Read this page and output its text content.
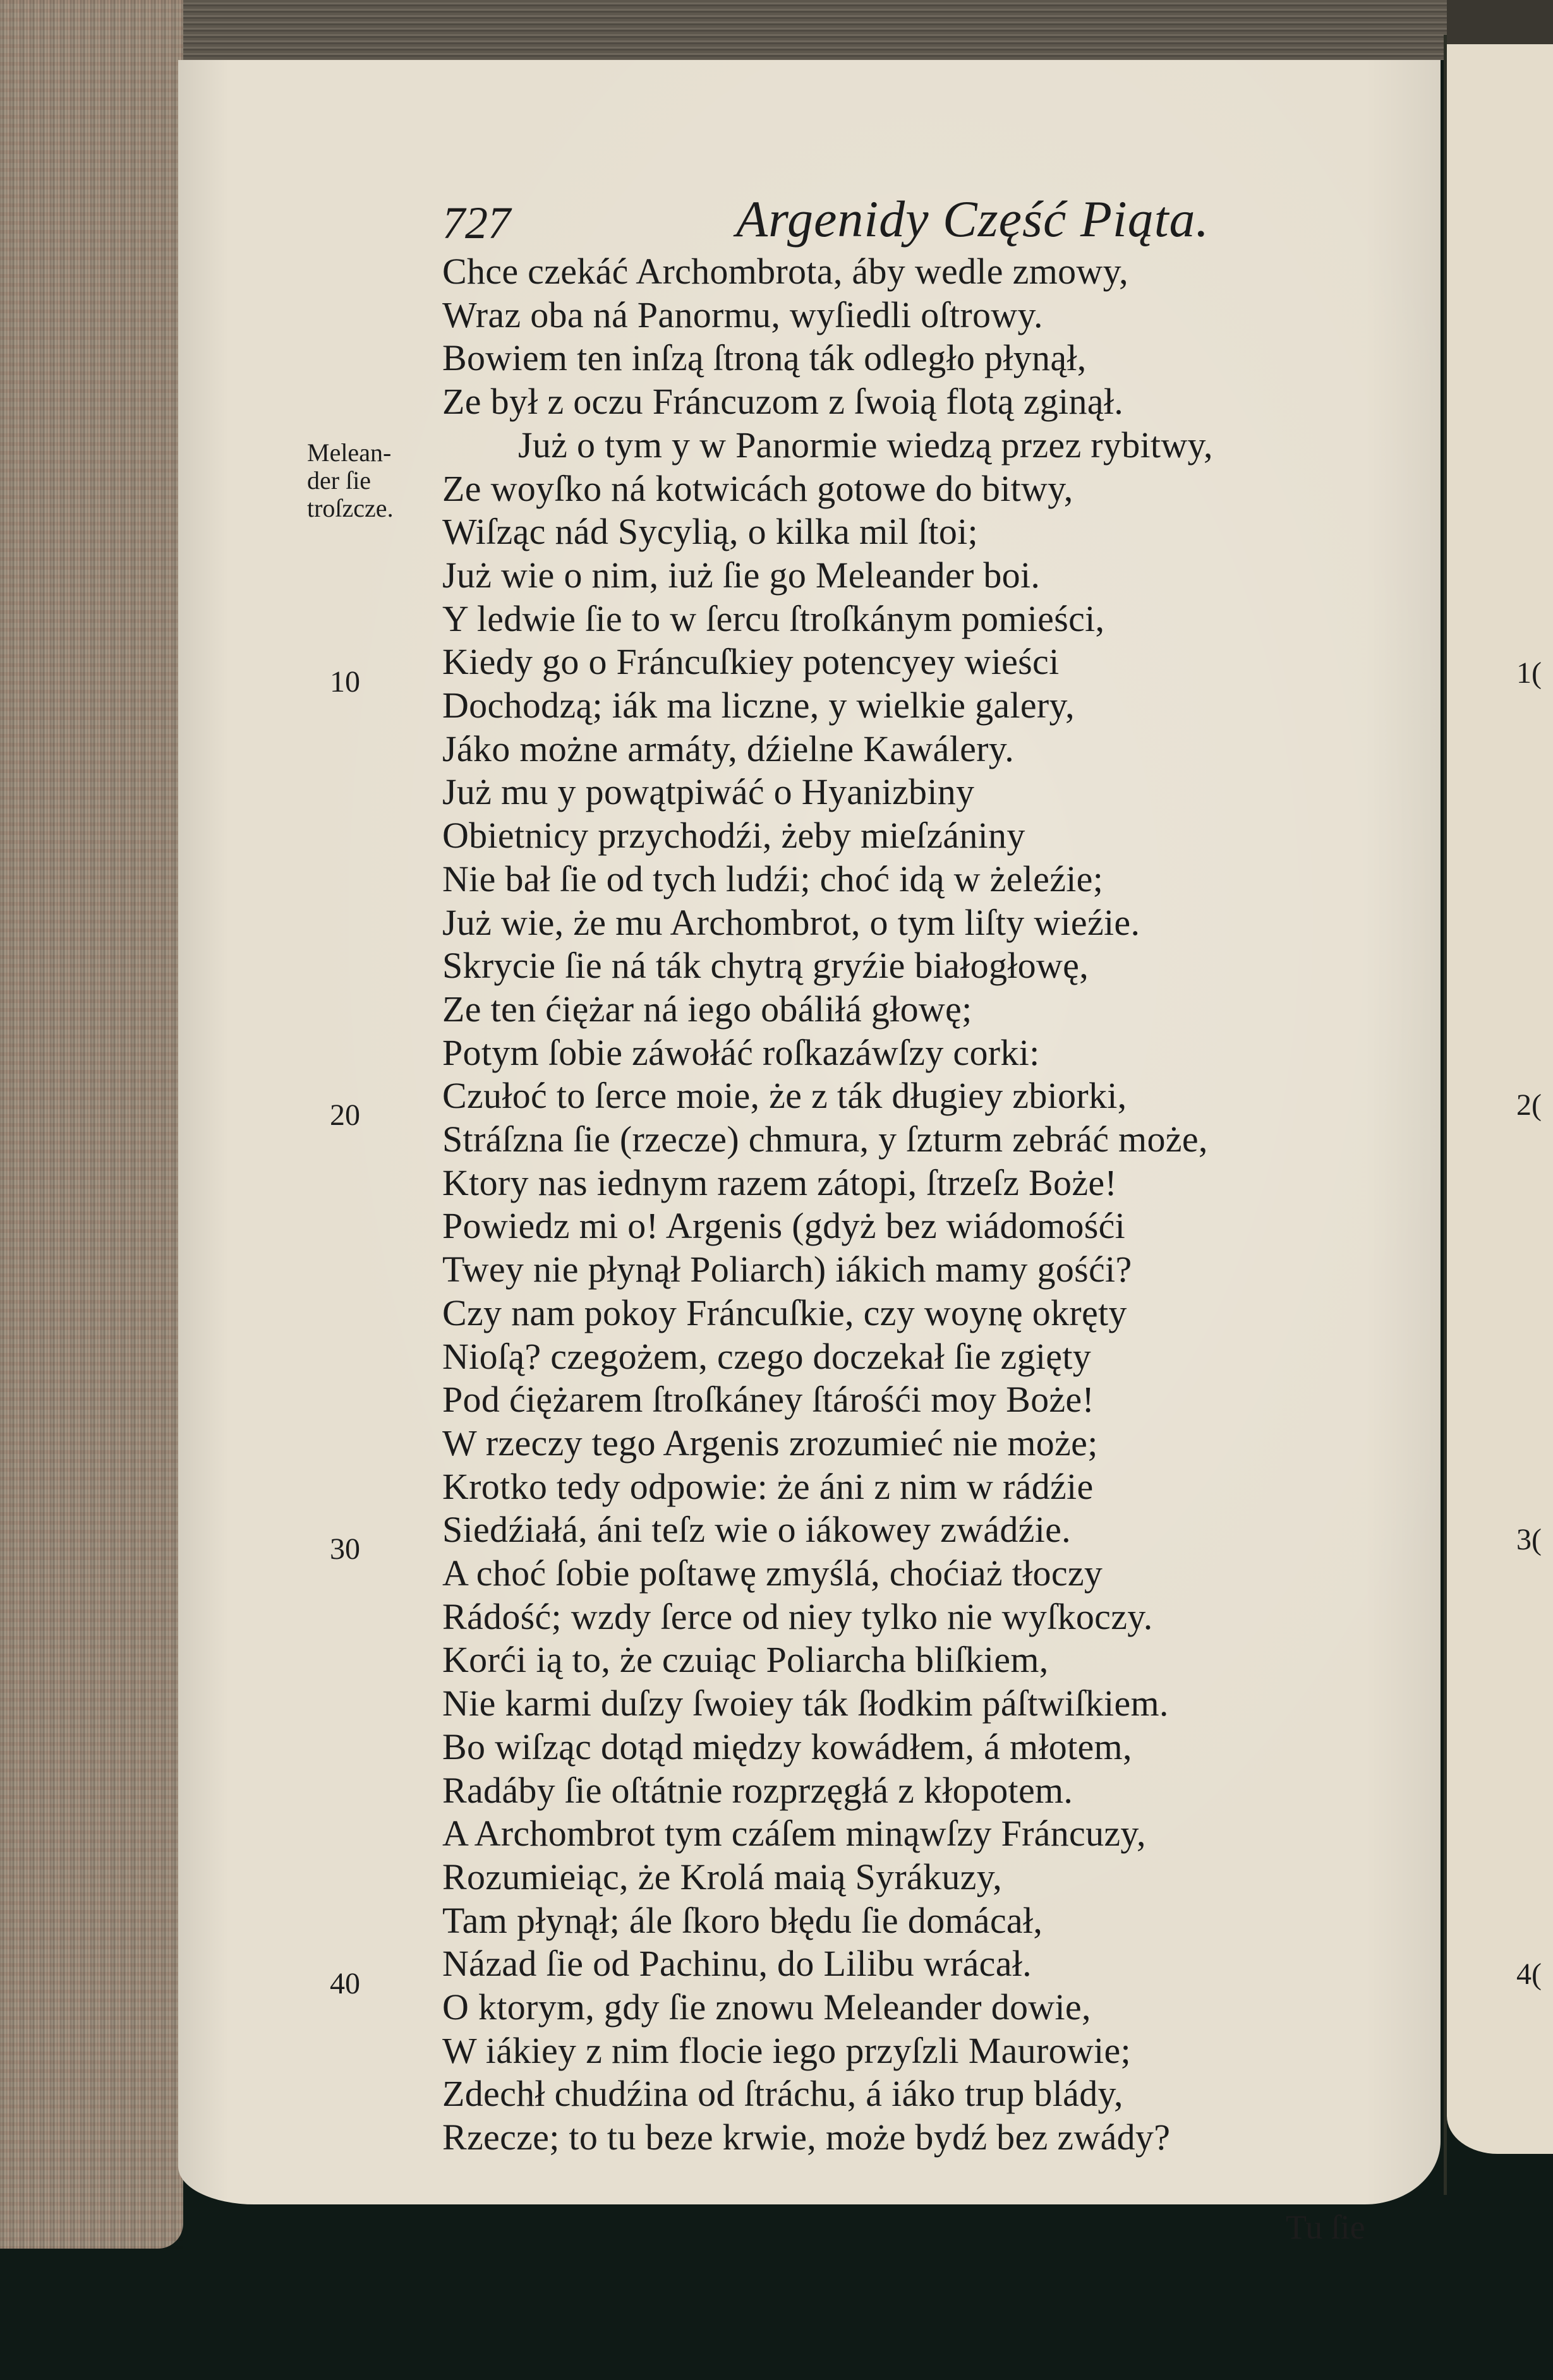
727	Argenidy Część Piąta.
Melean-
der ſie
troſzcze.
10
20
30
40
1(
2(
3(
4(
Chce czekáć Archombrota, áby wedle zmowy,
Wraz oba ná Panormu, wyſiedli oſtrowy.
Bowiem ten inſzą ſtroną ták odległo płynął,
Ze był z oczu Fráncuzom z ſwoią flotą zginął.
Już o tym y w Panormie wiedzą przez rybitwy,
Ze woyſko ná kotwicách gotowe do bitwy,
Wiſząc nád Sycylią, o kilka mil ſtoi;
Już wie o nim, iuż ſie go Meleander boi.
Y ledwie ſie to w ſercu ſtroſkánym pomieści,
Kiedy go o Fráncuſkiey potencyey wieści
Dochodzą; iák ma liczne, y wielkie galery,
Jáko możne armáty, dźielne Kawálery.
Już mu y powątpiwáć o Hyanizbiny
Obietnicy przychodźi, żeby mieſzániny
Nie bał ſie od tych ludźi; choć idą w żeleźie;
Już wie, że mu Archombrot, o tym liſty wieźie.
Skrycie ſie ná ták chytrą gryźie białogłowę,
Ze ten ćiężar ná iego obáliłá głowę;
Potym ſobie záwołáć roſkazáwſzy corki:
Czułoć to ſerce moie, że z ták długiey zbiorki,
Stráſzna ſie (rzecze) chmura, y ſzturm zebráć może,
Ktory nas iednym razem zátopi, ſtrzeſz Boże!
Powiedz mi o! Argenis (gdyż bez wiádomośći
Twey nie płynął Poliarch) iákich mamy gośći?
Czy nam pokoy Fráncuſkie, czy woynę okręty
Nioſą? czegożem, czego doczekał ſie zgięty
Pod ćiężarem ſtroſkáney ſtárośći moy Boże!
W rzeczy tego Argenis zrozumieć nie może;
Krotko tedy odpowie: że áni z nim w rádźie
Siedźiałá, áni teſz wie o iákowey zwádźie.
A choć ſobie poſtawę zmyślá, choćiaż tłoczy
Rádość; wzdy ſerce od niey tylko nie wyſkoczy.
Korći ią to, że czuiąc Poliarcha bliſkiem,
Nie karmi duſzy ſwoiey ták ſłodkim páſtwiſkiem.
Bo wiſząc dotąd między kowádłem, á młotem,
Radáby ſie oſtátnie rozprzęgłá z kłopotem.
A Archombrot tym czáſem minąwſzy Fráncuzy,
Rozumieiąc, że Krolá maią Syrákuzy,
Tam płynął; ále ſkoro błędu ſie domácał,
Názad ſie od Pachinu, do Lilibu wrácał.
O ktorym, gdy ſie znowu Meleander dowie,
W iákiey z nim flocie iego przyſzli Maurowie;
Zdechł chudźina od ſtráchu, á iáko trup blády,
Rzecze; to tu beze krwie, może bydź bez zwády?
Tu ſie
